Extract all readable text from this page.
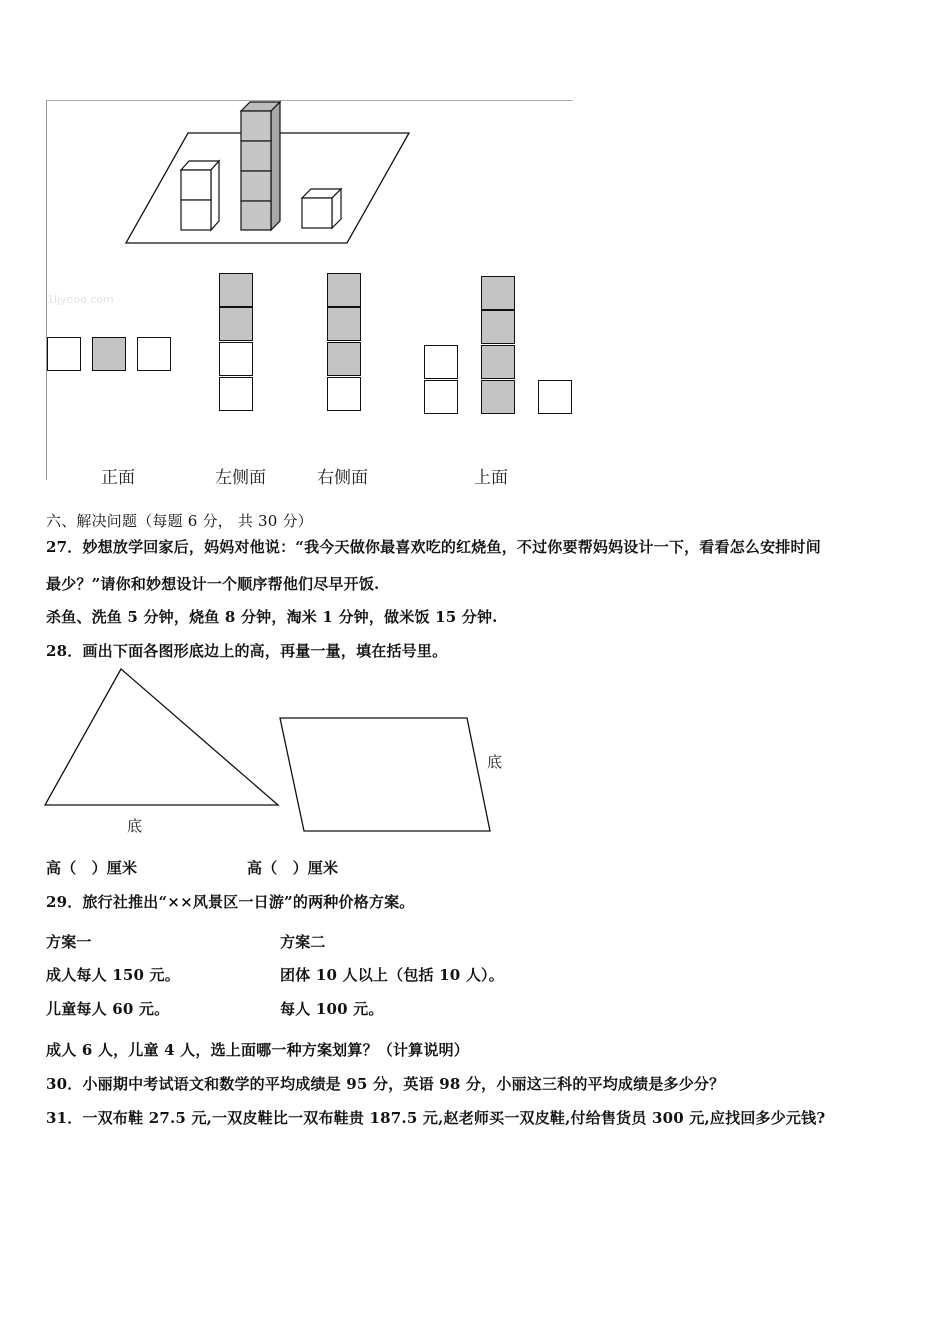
1ljyeoo.com
正面	左侧面	右侧面	上面
六、解决问题（每题 6 分， 共 30 分）
27．妙想放学回家后，妈妈对他说：“我今天做你最喜欢吃的红烧鱼，不过你要帮妈妈设计一下，看看怎么安排时间
最少？”请你和妙想设计一个顺序帮他们尽早开饭.
杀鱼、洗鱼 5 分钟，烧鱼 8 分钟，淘米 1 分钟，做米饭 15 分钟.
28．画出下面各图形底边上的高，再量一量，填在括号里。
底
底
高（　）厘米	高（　）厘米
29．旅行社推出“××风景区一日游”的两种价格方案。
方案一	方案二
成人每人 150 元。	团体 10 人以上（包括 10 人）。
儿童每人 60 元。	每人 100 元。
成人 6 人，儿童 4 人，选上面哪一种方案划算？（计算说明）
30．小丽期中考试语文和数学的平均成绩是 95 分，英语 98 分，小丽这三科的平均成绩是多少分？
31．一双布鞋 27.5 元,一双皮鞋比一双布鞋贵 187.5 元,赵老师买一双皮鞋,付给售货员 300 元,应找回多少元钱?
